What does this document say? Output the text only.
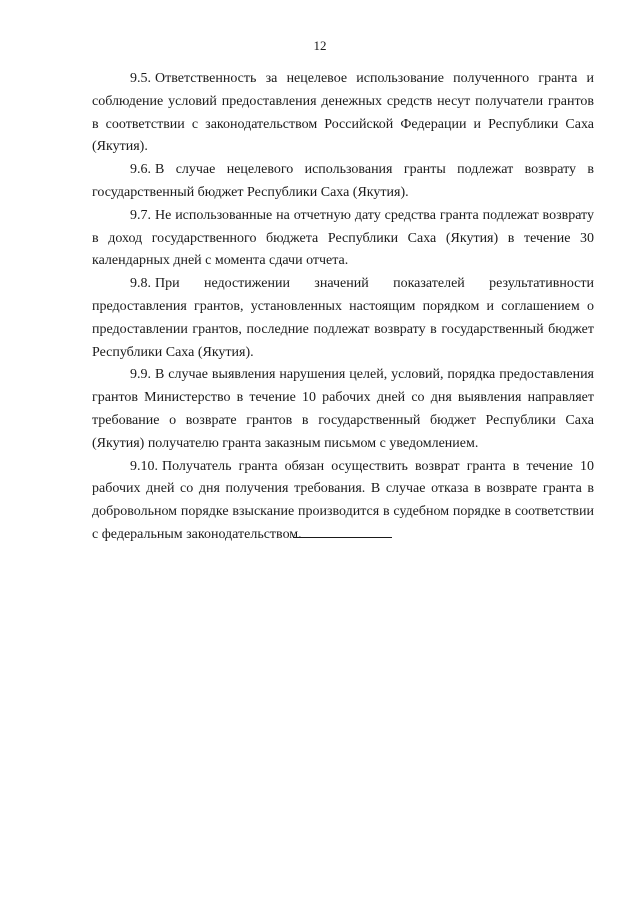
12

9.5. Ответственность за нецелевое использование полученного гранта и соблюдение условий предоставления денежных средств несут получатели грантов в соответствии с законодательством Российской Федерации и Республики Саха (Якутия).

9.6. В случае нецелевого использования гранты подлежат возврату в государственный бюджет Республики Саха (Якутия).

9.7. Не использованные на отчетную дату средства гранта подлежат возврату в доход государственного бюджета Республики Саха (Якутия) в течение 30 календарных дней с момента сдачи отчета.

9.8. При недостижении значений показателей результативности предоставления грантов, установленных настоящим порядком и соглашением о предоставлении грантов, последние подлежат возврату в государственный бюджет Республики Саха (Якутия).

9.9. В случае выявления нарушения целей, условий, порядка предоставления грантов Министерство в течение 10 рабочих дней со дня выявления направляет требование о возврате грантов в государственный бюджет Республики Саха (Якутия) получателю гранта заказным письмом с уведомлением.

9.10. Получатель гранта обязан осуществить возврат гранта в течение 10 рабочих дней со дня получения требования. В случае отказа в возврате гранта в добровольном порядке взыскание производится в судебном порядке в соответствии с федеральным законодательством.
